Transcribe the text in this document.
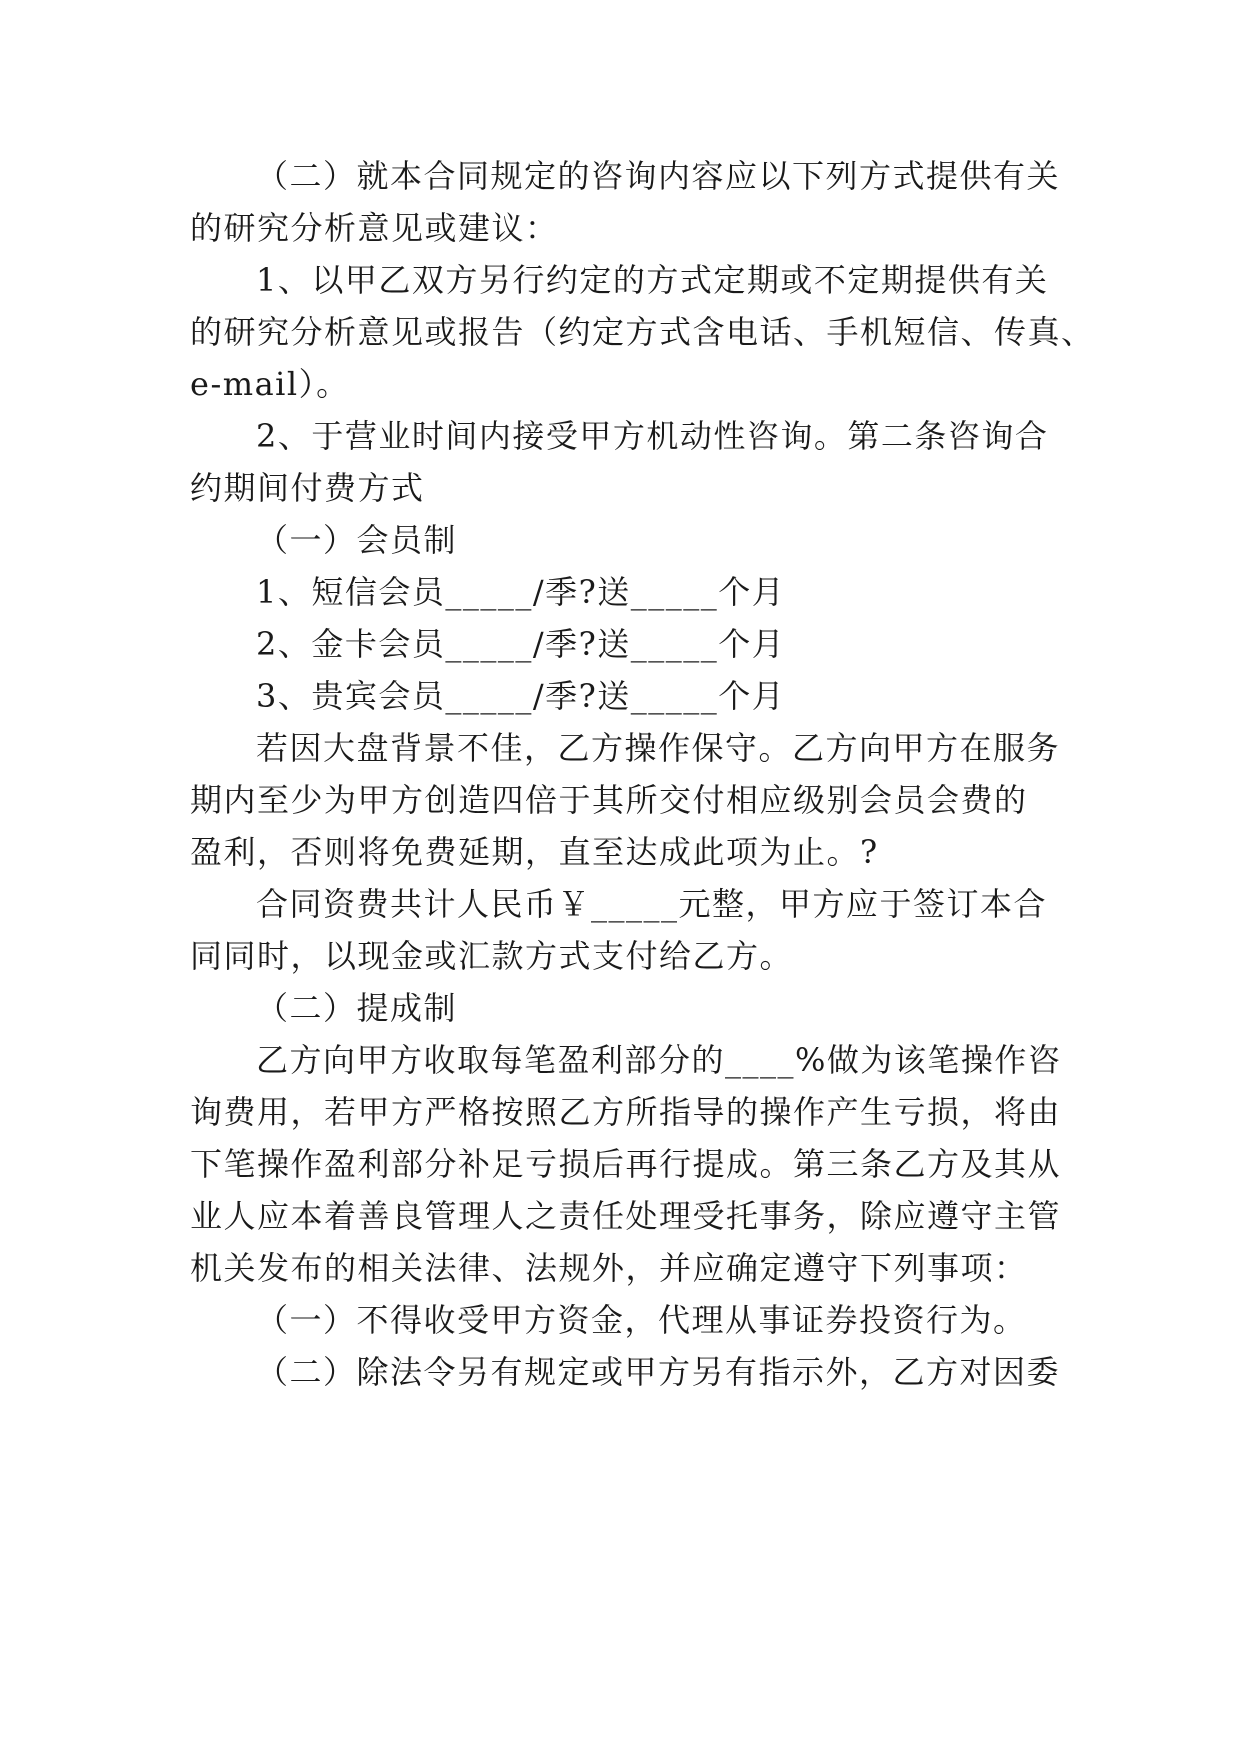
（二）就本合同规定的咨询内容应以下列方式提供有关
的研究分析意见或建议：
1、以甲乙双方另行约定的方式定期或不定期提供有关
的研究分析意见或报告（约定方式含电话、手机短信、传真、
e-mail）。
2、于营业时间内接受甲方机动性咨询。第二条咨询合
约期间付费方式
（一）会员制
1、短信会员_____/季?送_____个月
2、金卡会员_____/季?送_____个月
3、贵宾会员_____/季?送_____个月
若因大盘背景不佳，乙方操作保守。乙方向甲方在服务
期内至少为甲方创造四倍于其所交付相应级别会员会费的
盈利，否则将免费延期，直至达成此项为止。?
合同资费共计人民币￥_____元整，甲方应于签订本合
同同时，以现金或汇款方式支付给乙方。
（二）提成制
乙方向甲方收取每笔盈利部分的____%做为该笔操作咨
询费用，若甲方严格按照乙方所指导的操作产生亏损，将由
下笔操作盈利部分补足亏损后再行提成。第三条乙方及其从
业人应本着善良管理人之责任处理受托事务，除应遵守主管
机关发布的相关法律、法规外，并应确定遵守下列事项：
（一）不得收受甲方资金，代理从事证券投资行为。
（二）除法令另有规定或甲方另有指示外，乙方对因委
